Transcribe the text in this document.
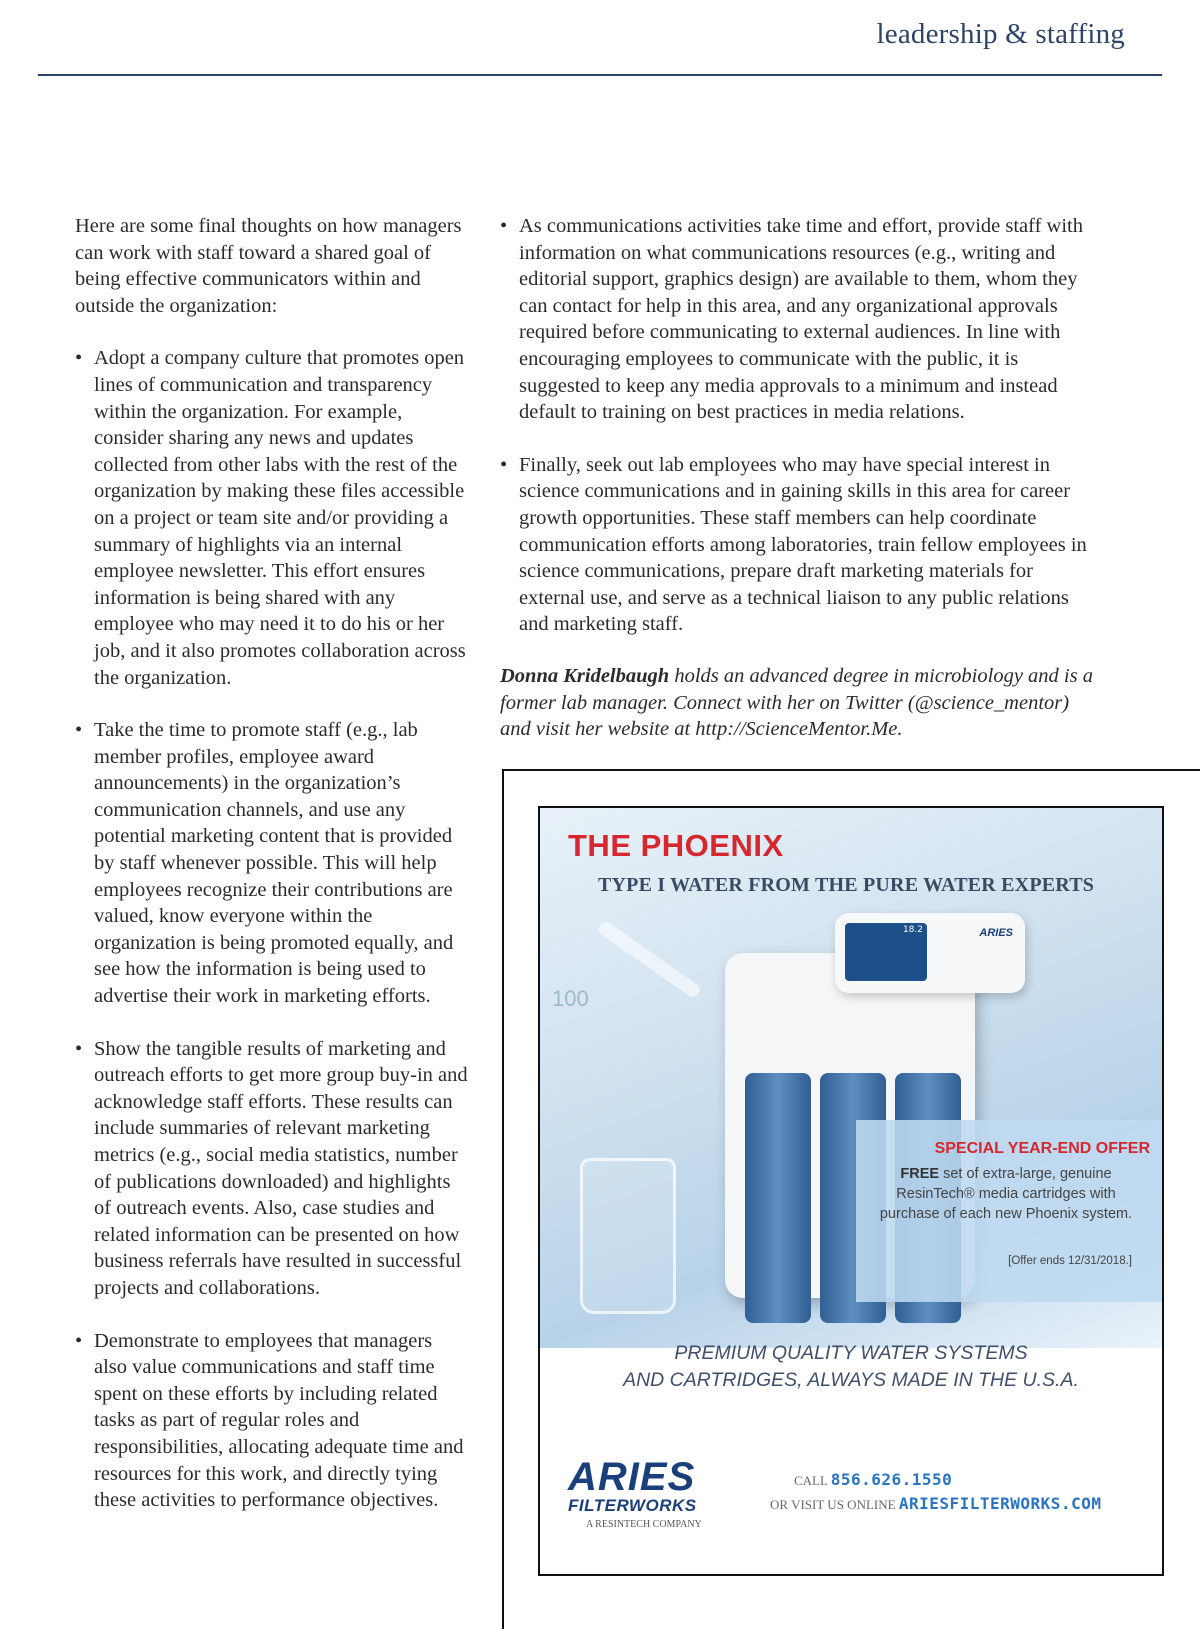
leadership & staffing

Here are some final thoughts on how managers can work with staff toward a shared goal of being effective communicators within and outside the organization:

• Adopt a company culture that promotes open lines of communication and transparency within the organization. For example, consider sharing any news and updates collected from other labs with the rest of the organization by making these files accessible on a project or team site and/or providing a summary of highlights via an internal employee newsletter. This effort ensures information is being shared with any employee who may need it to do his or her job, and it also promotes collaboration across the organization.
• Take the time to promote staff (e.g., lab member profiles, employee award announcements) in the organization’s communication channels, and use any potential marketing content that is provided by staff whenever possible. This will help employees recognize their contributions are valued, know everyone within the organization is being promoted equally, and see how the information is being used to advertise their work in marketing efforts.
• Show the tangible results of marketing and outreach efforts to get more group buy-in and acknowledge staff efforts. These results can include summaries of relevant marketing metrics (e.g., social media statistics, number of publications downloaded) and highlights of outreach events. Also, case studies and related information can be presented on how business referrals have resulted in successful projects and collaborations.
• Demonstrate to employees that managers also value communications and staff time spent on these efforts by including related tasks as part of regular roles and responsibilities, allocating adequate time and resources for this work, and directly tying these activities to performance objectives.
• As communications activities take time and effort, provide staff with information on what communications resources (e.g., writing and editorial support, graphics design) are available to them, whom they can contact for help in this area, and any organizational approvals required before communicating to external audiences. In line with encouraging employees to communicate with the public, it is suggested to keep any media approvals to a minimum and instead default to training on best practices in media relations.
• Finally, seek out lab employees who may have special interest in science communications and in gaining skills in this area for career growth opportunities. These staff members can help coordinate communication efforts among laboratories, train fellow employees in science communications, prepare draft marketing materials for external use, and serve as a technical liaison to any public relations and marketing staff.
Donna Kridelbaugh holds an advanced degree in microbiology and is a former lab manager. Connect with her on Twitter (@science_mentor) and visit her website at http://ScienceMentor.Me.
100
18.2	ARIES
THE PHOENIX
TYPE I WATER FROM THE PURE WATER EXPERTS
SPECIAL YEAR-END OFFER
FREE set of extra-large, genuine ResinTech® media cartridges with purchase of each new Phoenix system.
[Offer ends 12/31/2018.]
PREMIUM QUALITY WATER SYSTEMS
AND CARTRIDGES, ALWAYS MADE IN THE U.S.A.
ARIES
FILTERWORKS
A RESINTECH COMPANY
CALL 856.626.1550
OR VISIT US ONLINE ARIESFILTERWORKS.COM
